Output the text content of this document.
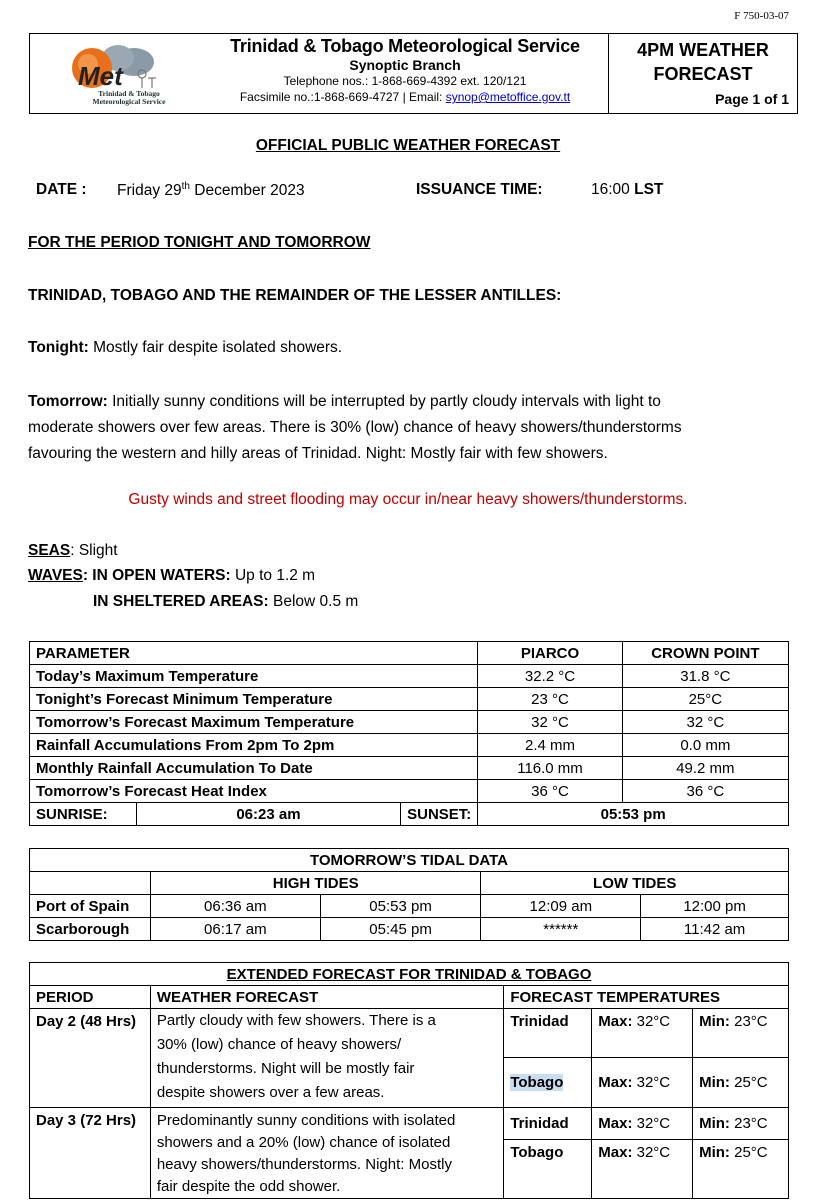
F 750-03-07
Met
Trinidad & Tobago Meteorological Service
Trinidad & Tobago Meteorological Service
Synoptic Branch
Telephone nos.: 1-868-669-4392 ext. 120/121
Facsimile no.:1-868-669-4727 | Email: synop@metoffice.gov.tt
4PM WEATHER FORECAST
Page 1 of 1
OFFICIAL PUBLIC WEATHER FORECAST
DATE : Friday 29th December 2023	ISSUANCE TIME:	16:00 LST
FOR THE PERIOD TONIGHT AND TOMORROW
TRINIDAD, TOBAGO AND THE REMAINDER OF THE LESSER ANTILLES:
Tonight: Mostly fair despite isolated showers.
Tomorrow: Initially sunny conditions will be interrupted by partly cloudy intervals with light to
moderate showers over few areas. There is 30% (low) chance of heavy showers/thunderstorms
favouring the western and hilly areas of Trinidad. Night: Mostly fair with few showers.
Gusty winds and street flooding may occur in/near heavy showers/thunderstorms.
SEAS: Slight
WAVES: IN OPEN WATERS: Up to 1.2 m
IN SHELTERED AREAS: Below 0.5 m
PARAMETER			PIARCO	CROWN POINT
Today’s Maximum Temperature			32.2 °C	31.8 °C
Tonight’s Forecast Minimum Temperature			23 °C	25°C
Tomorrow’s Forecast Maximum Temperature			32 °C	32 °C
Rainfall Accumulations From 2pm To 2pm			2.4 mm	0.0 mm
Monthly Rainfall Accumulation To Date			116.0 mm	49.2 mm
Tomorrow’s Forecast Heat Index			36 °C	36 °C
SUNRISE:	06:23 am	SUNSET:	05:53 pm	
TOMORROW’S TIDAL DATA				
	HIGH TIDES		LOW TIDES	
Port of Spain	06:36 am	05:53 pm	12:09 am	12:00 pm
Scarborough	06:17 am	05:45 pm	******	11:42 am
EXTENDED FORECAST FOR TRINIDAD & TOBAGO				
PERIOD	WEATHER FORECAST	FORECAST TEMPERATURES		
Day 2 (48 Hrs)	Partly cloudy with few showers. There is a
30% (low) chance of heavy showers/
thunderstorms. Night will be mostly fair
despite showers over a few areas.	Trinidad	Max: 32°C	Min: 23°C
		Tobago	Max: 32°C	Min: 25°C
Day 3 (72 Hrs)	Predominantly sunny conditions with isolated
showers and a 20% (low) chance of isolated
heavy showers/thunderstorms. Night: Mostly
fair despite the odd shower.	Trinidad	Max: 32°C	Min: 23°C
		Tobago	Max: 32°C	Min: 25°C
